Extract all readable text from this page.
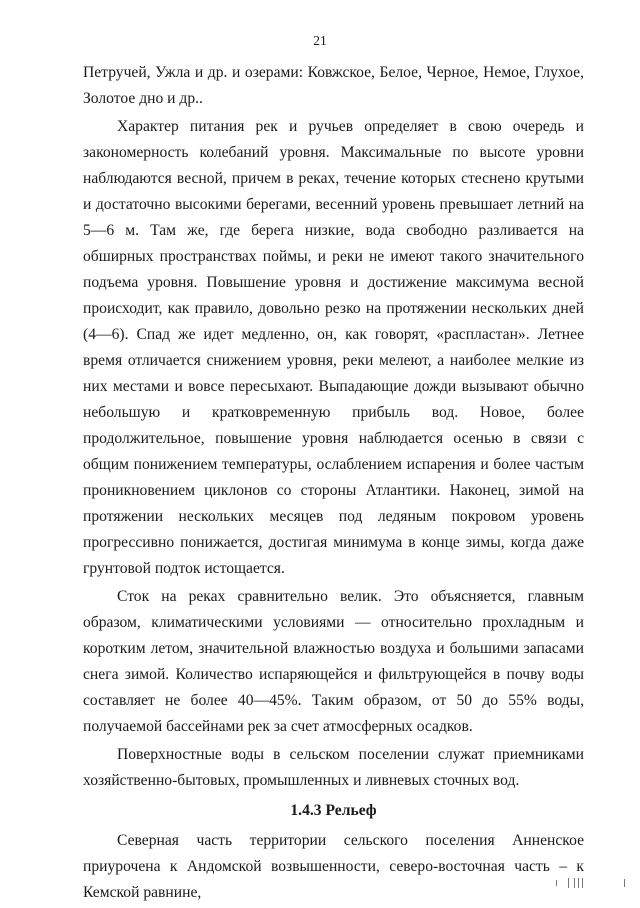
21

Петручей, Ужла и др. и озерами: Ковжское, Белое, Черное, Немое, Глухое, Золотое дно и др..

Характер питания рек и ручьев определяет в свою очередь и закономерность колебаний уровня. Максимальные по высоте уровни наблюдаются весной, причем в реках, течение которых стеснено крутыми и достаточно высокими берегами, весенний уровень превышает летний на 5—6 м. Там же, где берега низкие, вода свободно разливается на обширных пространствах поймы, и реки не имеют такого значительного подъема уровня. Повышение уровня и достижение максимума весной происходит, как правило, довольно резко на протяжении нескольких дней (4—6). Спад же идет медленно, он, как говорят, «распластан». Летнее время отличается снижением уровня, реки мелеют, а наиболее мелкие из них местами и вовсе пересыхают. Выпадающие дожди вызывают обычно небольшую и кратковременную прибыль вод. Новое, более продолжительное, повышение уровня наблюдается осенью в связи с общим понижением температуры, ослаблением испарения и более частым проникновением циклонов со стороны Атлантики. Наконец, зимой на протяжении нескольких месяцев под ледяным покровом уровень прогрессивно понижается, достигая минимума в конце зимы, когда даже грунтовой подток истощается.

Сток на реках сравнительно велик. Это объясняется, главным образом, климатическими условиями — относительно прохладным и коротким летом, значительной влажностью воздуха и большими запасами снега зимой. Количество испаряющейся и фильтрующейся в почву воды составляет не более 40—45%. Таким образом, от 50 до 55% воды, получаемой бассейнами рек за счет атмосферных осадков.

Поверхностные воды в сельском поселении служат приемниками хозяйственно-бытовых, промышленных и ливневых сточных вод.

1.4.3 Рельеф

Северная часть территории сельского поселения Анненское приурочена к Андомской возвышенности, северо-восточная часть – к Кемской равнине,
